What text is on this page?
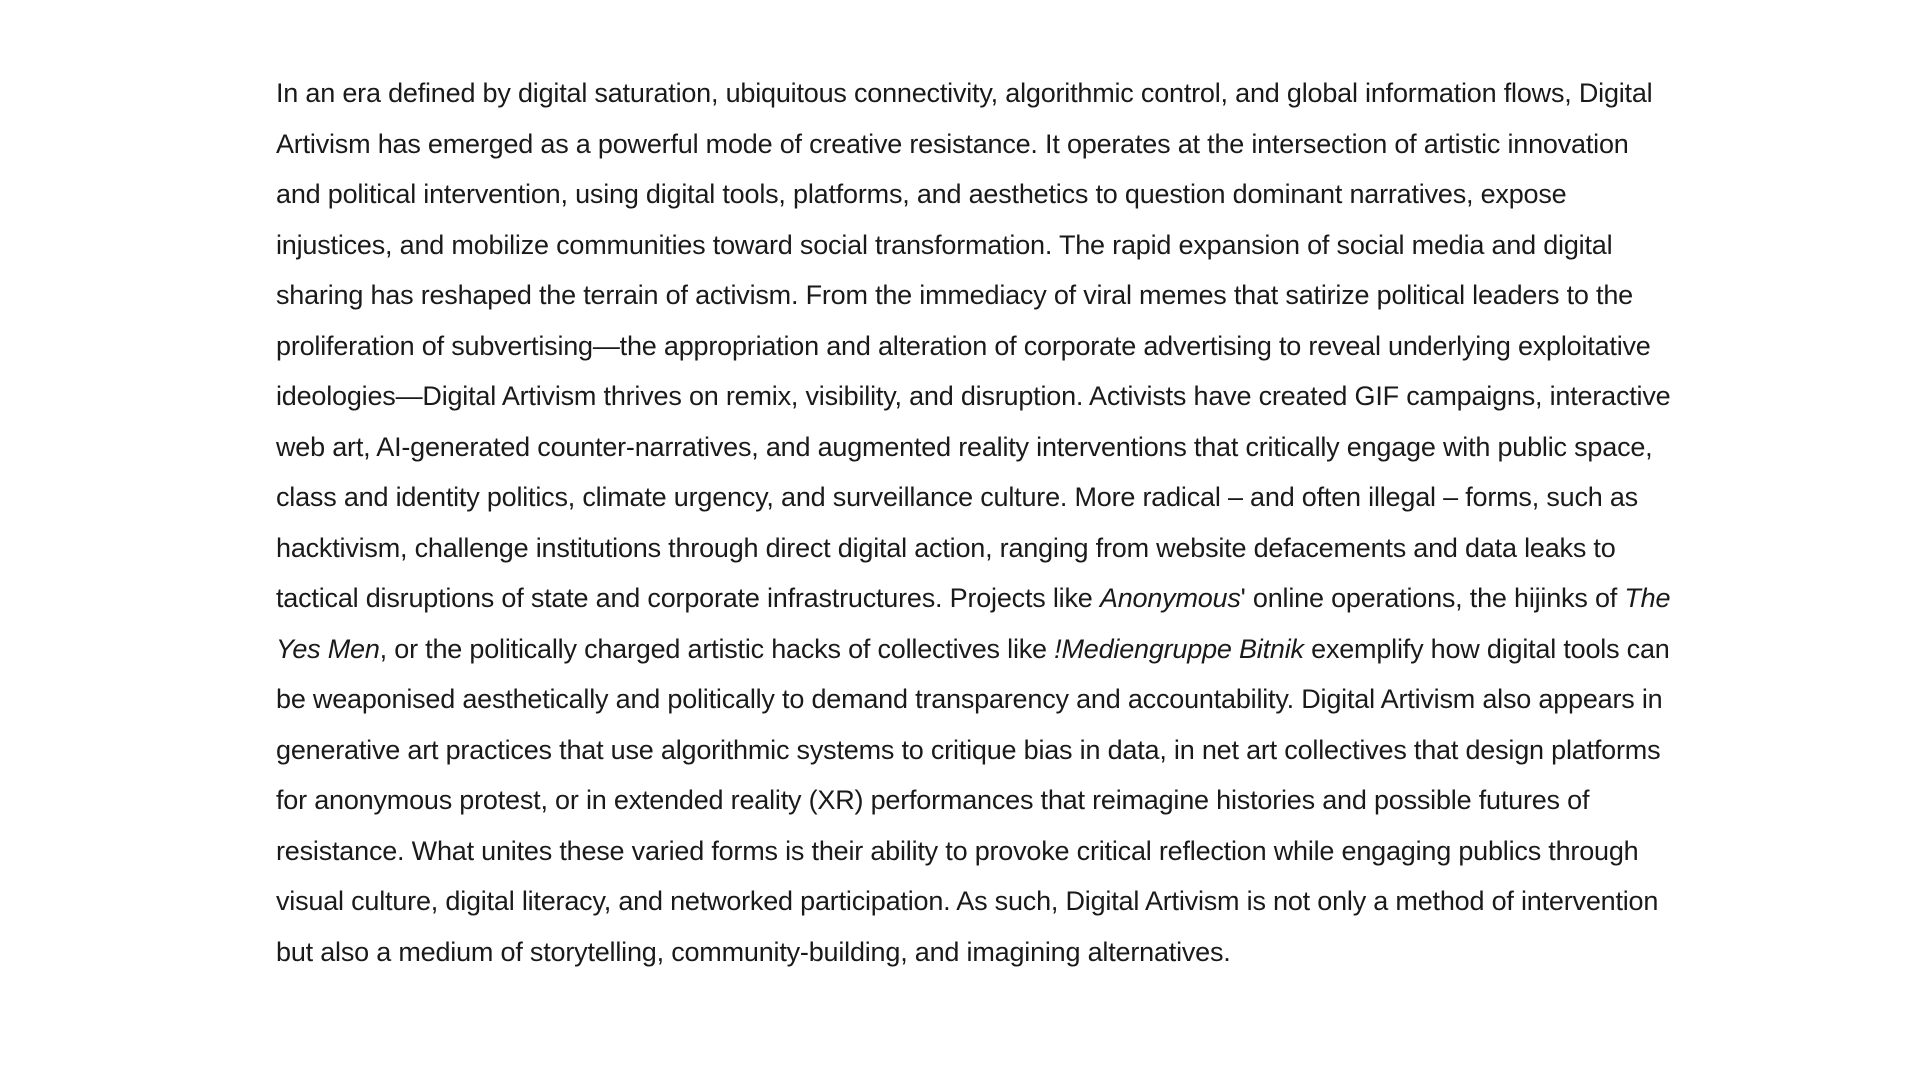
In an era defined by digital saturation, ubiquitous connectivity, algorithmic control, and global information flows, Digital Artivism has emerged as a powerful mode of creative resistance. It operates at the intersection of artistic innovation and political intervention, using digital tools, platforms, and aesthetics to question dominant narratives, expose injustices, and mobilize communities toward social transformation. The rapid expansion of social media and digital sharing has reshaped the terrain of activism. From the immediacy of viral memes that satirize political leaders to the proliferation of subvertising—the appropriation and alteration of corporate advertising to reveal underlying exploitative ideologies—Digital Artivism thrives on remix, visibility, and disruption. Activists have created GIF campaigns, interactive web art, AI-generated counter-narratives, and augmented reality interventions that critically engage with public space, class and identity politics, climate urgency, and surveillance culture. More radical – and often illegal – forms, such as hacktivism, challenge institutions through direct digital action, ranging from website defacements and data leaks to tactical disruptions of state and corporate infrastructures. Projects like Anonymous' online operations, the hijinks of The Yes Men, or the politically charged artistic hacks of collectives like !Mediengruppe Bitnik exemplify how digital tools can be weaponised aesthetically and politically to demand transparency and accountability. Digital Artivism also appears in generative art practices that use algorithmic systems to critique bias in data, in net art collectives that design platforms for anonymous protest, or in extended reality (XR) performances that reimagine histories and possible futures of resistance. What unites these varied forms is their ability to provoke critical reflection while engaging publics through visual culture, digital literacy, and networked participation. As such, Digital Artivism is not only a method of intervention but also a medium of storytelling, community-building, and imagining alternatives.
